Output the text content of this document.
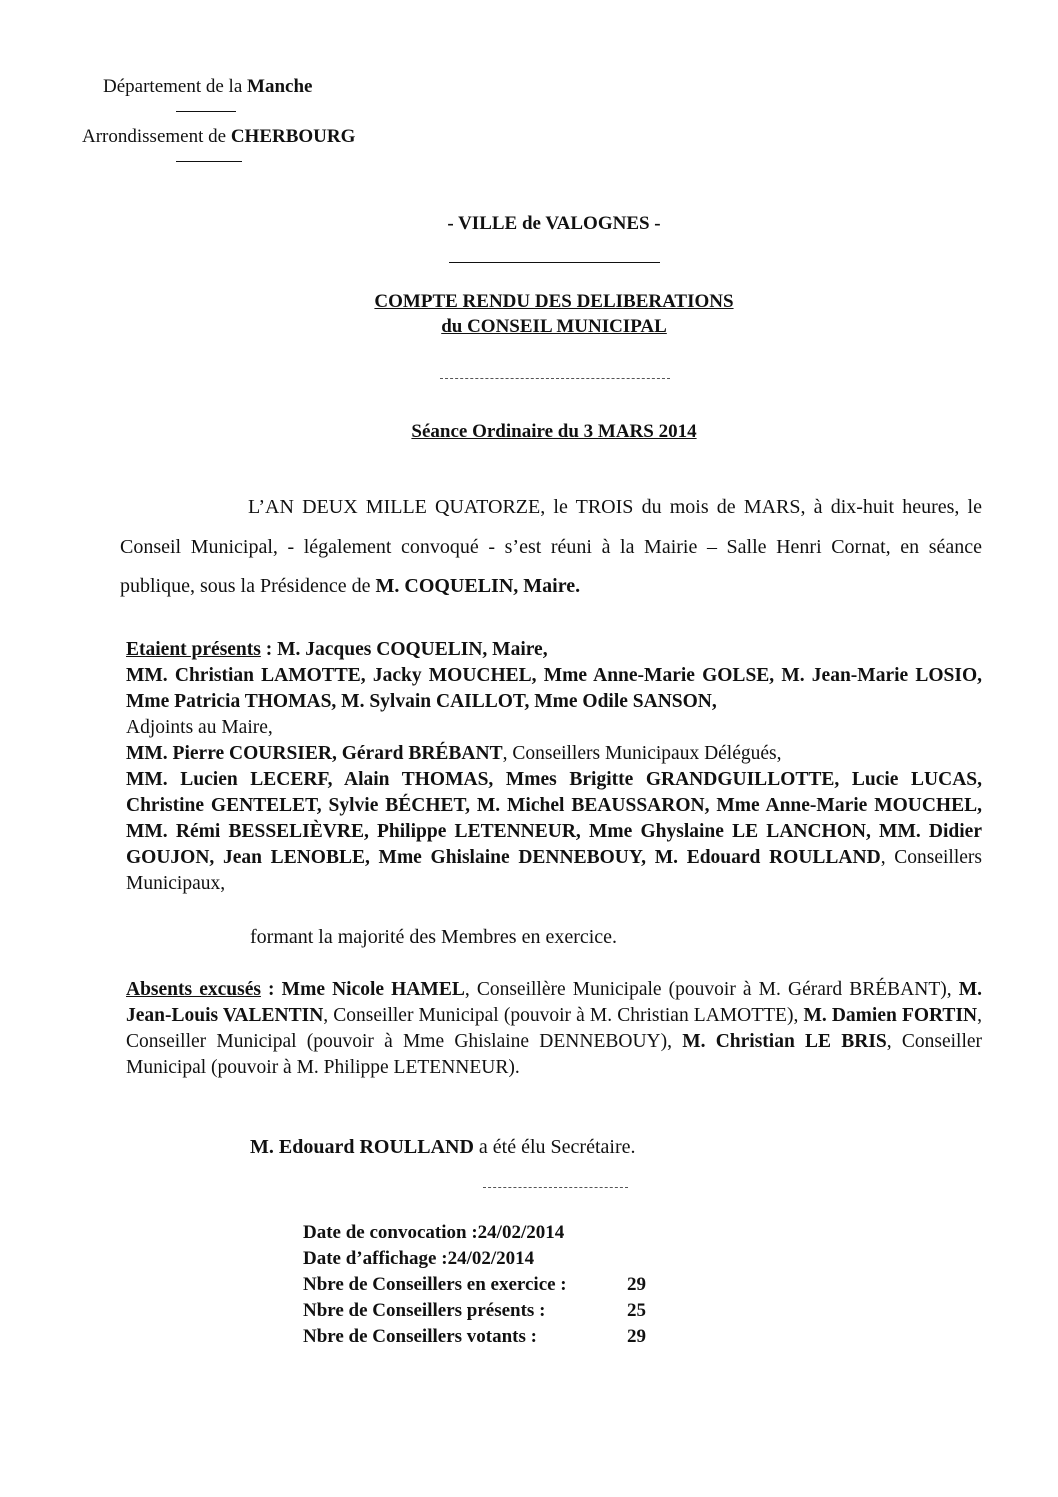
Département de la Manche
Arrondissement de CHERBOURG
- VILLE de VALOGNES -
COMPTE RENDU DES DELIBERATIONS
du CONSEIL MUNICIPAL
Séance Ordinaire du 3 MARS 2014
L’AN DEUX MILLE QUATORZE, le TROIS du mois de MARS, à dix-huit heures, le Conseil Municipal, - légalement convoqué - s’est réuni à la Mairie – Salle Henri Cornat, en séance publique, sous la Présidence de M. COQUELIN, Maire.

Etaient présents : M. Jacques COQUELIN, Maire,

MM. Christian LAMOTTE, Jacky MOUCHEL, Mme Anne-Marie GOLSE, M. Jean-Marie LOSIO, Mme Patricia THOMAS, M. Sylvain CAILLOT, Mme Odile SANSON,
Adjoints au Maire,

MM. Pierre COURSIER, Gérard BRÉBANT, Conseillers Municipaux Délégués,

MM. Lucien LECERF, Alain THOMAS, Mmes Brigitte GRANDGUILLOTTE, Lucie LUCAS, Christine GENTELET, Sylvie BÉCHET, M. Michel BEAUSSARON, Mme Anne-Marie MOUCHEL, MM. Rémi BESSELIÈVRE, Philippe LETENNEUR, Mme Ghyslaine LE LANCHON, MM. Didier GOUJON, Jean LENOBLE, Mme Ghislaine DENNEBOUY, M. Edouard ROULLAND, Conseillers Municipaux,

formant la majorité des Membres en exercice.

Absents excusés : Mme Nicole HAMEL, Conseillère Municipale (pouvoir à M. Gérard BRÉBANT), M. Jean-Louis VALENTIN, Conseiller Municipal (pouvoir à M. Christian LAMOTTE), M. Damien FORTIN, Conseiller Municipal (pouvoir à Mme Ghislaine DENNEBOUY), M. Christian LE BRIS, Conseiller Municipal (pouvoir à M. Philippe LETENNEUR).

M. Edouard ROULLAND a été élu Secrétaire.
Date de convocation : 24/02/2014
Date d’affichage : 24/02/2014
Nbre de Conseillers en exercice :	29
Nbre de Conseillers présents :	25
Nbre de Conseillers votants :	29
